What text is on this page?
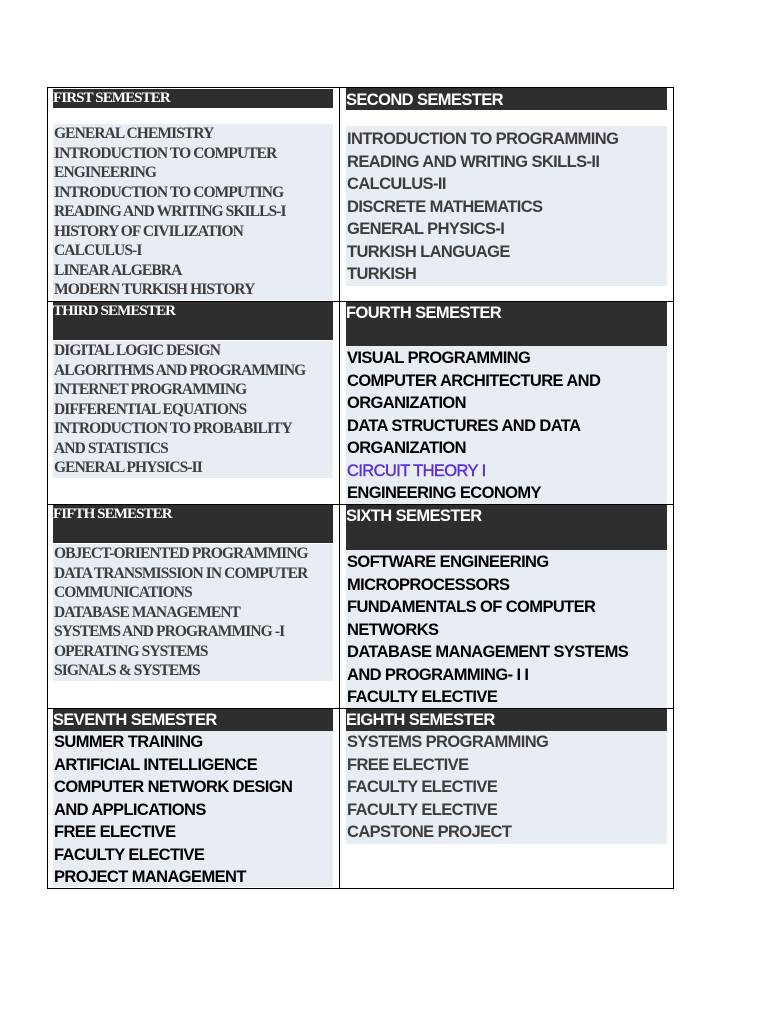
FIRST SEMESTER
GENERAL CHEMISTRY
INTRODUCTION TO COMPUTER
ENGINEERING
INTRODUCTION TO COMPUTING
READING AND WRITING SKILLS-I
HISTORY OF CIVILIZATION
CALCULUS-I
LINEAR ALGEBRA
MODERN TURKISH HISTORY
SECOND SEMESTER
INTRODUCTION TO PROGRAMMING
READING AND WRITING SKILLS-II
CALCULUS-II
DISCRETE MATHEMATICS
GENERAL PHYSICS-I
TURKISH LANGUAGE
TURKISH
THIRD SEMESTER
DIGITAL LOGIC DESIGN
ALGORITHMS AND PROGRAMMING
INTERNET PROGRAMMING
DIFFERENTIAL EQUATIONS
INTRODUCTION TO PROBABILITY
AND STATISTICS
GENERAL PHYSICS-II
FOURTH SEMESTER
VISUAL PROGRAMMING
COMPUTER ARCHITECTURE AND
ORGANIZATION
DATA STRUCTURES AND DATA
ORGANIZATION
CIRCUIT THEORY I
ENGINEERING ECONOMY
FIFTH SEMESTER
OBJECT-ORIENTED PROGRAMMING
DATA TRANSMISSION IN COMPUTER
COMMUNICATIONS
DATABASE MANAGEMENT
SYSTEMS AND PROGRAMMING -I
OPERATING SYSTEMS
SIGNALS & SYSTEMS
SIXTH SEMESTER
SOFTWARE ENGINEERING
MICROPROCESSORS
FUNDAMENTALS OF COMPUTER
NETWORKS
DATABASE MANAGEMENT SYSTEMS
AND PROGRAMMING- I I
FACULTY ELECTIVE
SEVENTH SEMESTER
SUMMER TRAINING
ARTIFICIAL INTELLIGENCE
COMPUTER NETWORK DESIGN
AND APPLICATIONS
FREE ELECTIVE
FACULTY ELECTIVE
PROJECT MANAGEMENT
EIGHTH SEMESTER
SYSTEMS PROGRAMMING
FREE ELECTIVE
FACULTY ELECTIVE
FACULTY ELECTIVE
CAPSTONE PROJECT
